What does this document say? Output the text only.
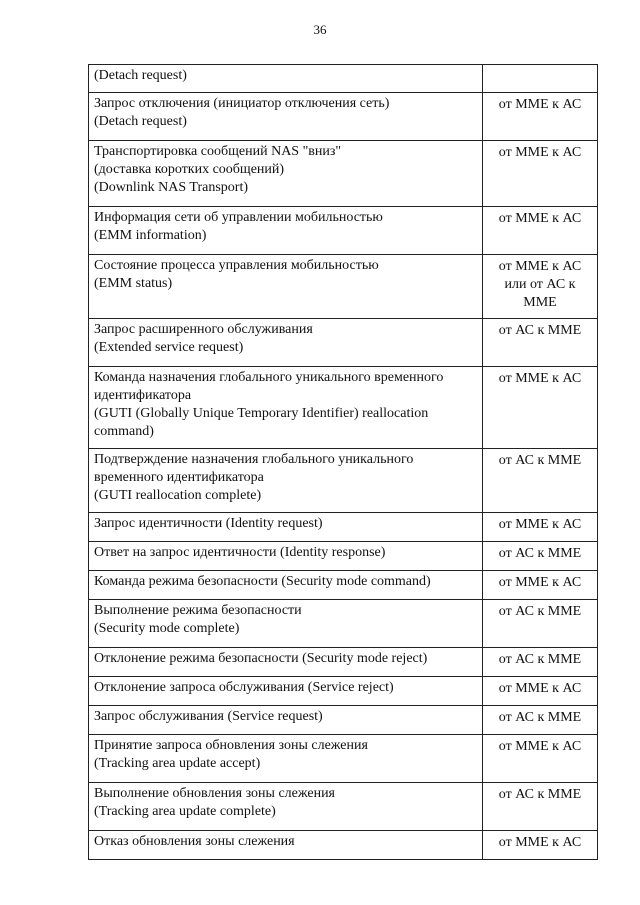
36
(Detach request)	

Запрос отключения (инициатор отключения сеть)
(Detach request)	от MME к АС

Транспортировка сообщений NAS "вниз"
(доставка коротких сообщений)
(Downlink NAS Transport)	от MME к АС

Информация сети об управлении мобильностью
(EMM information)	от MME к АС

Состояние процесса управления мобильностью
(EMM status)	от MME к АС
или от АС к
MME

Запрос расширенного обслуживания
(Extended service request)	от АС к MME

Команда назначения глобального уникального временного
идентификатора
(GUTI (Globally Unique Temporary Identifier) reallocation
command)	от MME к АС

Подтверждение назначения глобального уникального
временного идентификатора
(GUTI reallocation complete)	от АС к MME

Запрос идентичности (Identity request)	от MME к АС

Ответ на запрос идентичности (Identity response)	от АС к MME

Команда режима безопасности (Security mode command)	от MME к АС

Выполнение режима безопасности
(Security mode complete)	от АС к MME

Отклонение режима безопасности (Security mode reject)	от АС к MME

Отклонение запроса обслуживания (Service reject)	от MME к АС

Запрос обслуживания (Service request)	от АС к MME

Принятие запроса обновления зоны слежения
(Tracking area update accept)	от MME к АС

Выполнение обновления зоны слежения
(Tracking area update complete)	от АС к MME

Отказ обновления зоны слежения	от MME к АС
